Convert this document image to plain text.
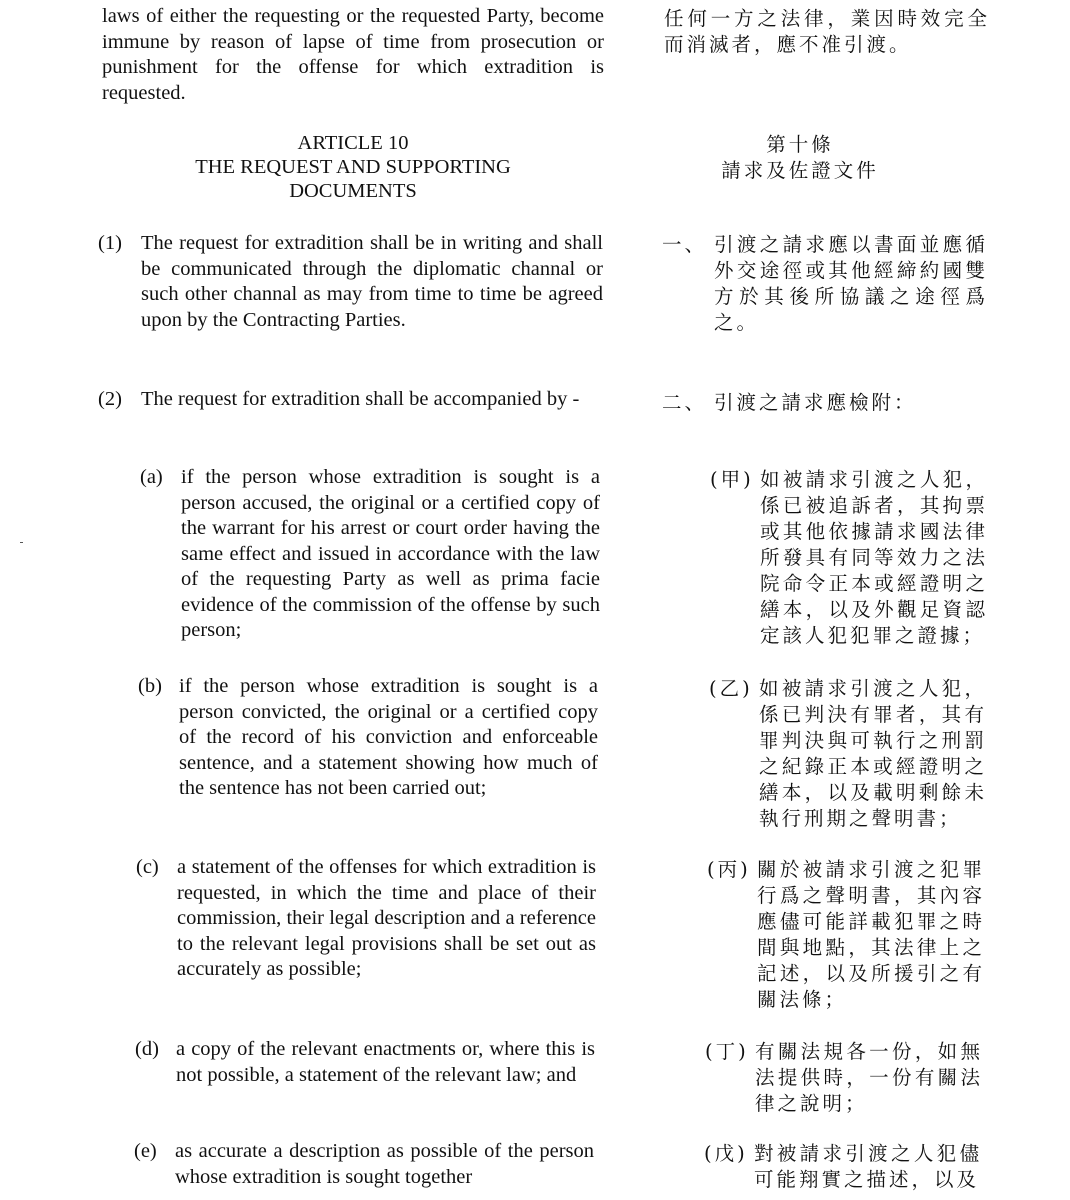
laws of either the requesting or the requested Party, become immune by reason of lapse of time from prosecution or punishment for the offense for which extradition is requested.
ARTICLE 10
THE REQUEST AND SUPPORTING
DOCUMENTS
(1) The request for extradition shall be in writing and shall be communicated through the diplomatic channal or such other channal as may from time to time be agreed upon by the Contracting Parties.
(2) The request for extradition shall be accompanied by -
(a) if the person whose extradition is sought is a person accused, the original or a certified copy of the warrant for his arrest or court order having the same effect and issued in accordance with the law of the requesting Party as well as prima facie evidence of the commission of the offense by such person;
(b) if the person whose extradition is sought is a person convicted, the original or a certified copy of the record of his conviction and enforceable sentence, and a statement showing how much of the sentence has not been carried out;
(c) a statement of the offenses for which extradition is requested, in which the time and place of their commission, their legal description and a reference to the relevant legal provisions shall be set out as accurately as possible;
(d) a copy of the relevant enactments or, where this is not possible, a statement of the relevant law; and
(e) as accurate a description as possible of the person whose extradition is sought together
任何一方之法律，業因時效完全而消滅者，應不准引渡。
第十條
請求及佐證文件
一、 引渡之請求應以書面並應循外交途徑或其他經締約國雙方於其後所協議之途徑爲之。
二、 引渡之請求應檢附：
(甲) 如被請求引渡之人犯，係已被追訴者，其拘票或其他依據請求國法律所發具有同等效力之法院命令正本或經證明之繕本，以及外觀足資認定該人犯犯罪之證據；
(乙) 如被請求引渡之人犯，係已判決有罪者，其有罪判決與可執行之刑罰之紀錄正本或經證明之繕本，以及載明剩餘未執行刑期之聲明書；
(丙) 關於被請求引渡之犯罪行爲之聲明書，其內容應儘可能詳載犯罪之時間與地點，其法律上之記述，以及所援引之有關法條；
(丁) 有關法規各一份，如無法提供時，一份有關法律之說明；
(戊) 對被請求引渡之人犯儘可能翔實之描述，以及
